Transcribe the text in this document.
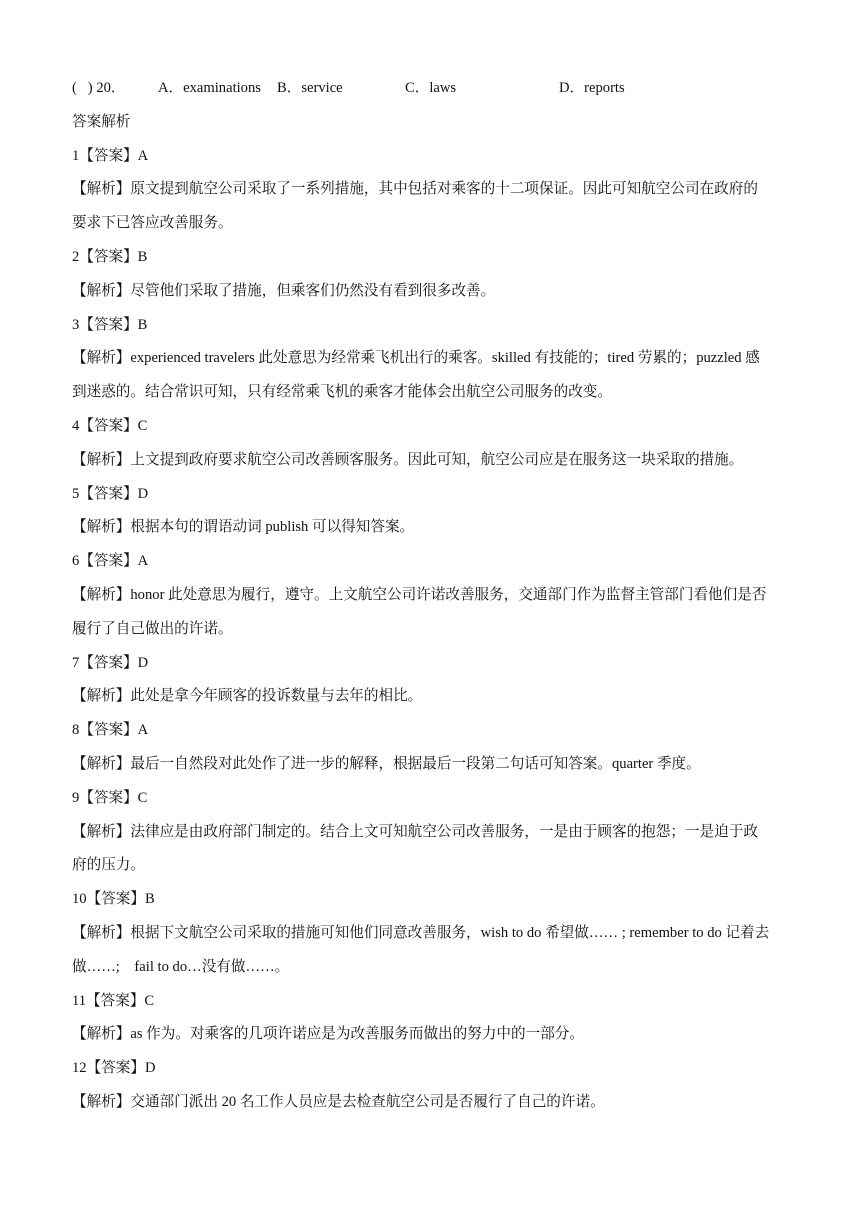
(   ) 20． A．examinations B．service	C．laws	D．reports
答案解析
1【答案】A
【解析】原文提到航空公司采取了一系列措施，其中包括对乘客的十二项保证。因此可知航空公司在政府的
要求下已答应改善服务。
2【答案】B
【解析】尽管他们采取了措施，但乘客们仍然没有看到很多改善。
3【答案】B
【解析】experienced travelers 此处意思为经常乘飞机出行的乘客。skilled 有技能的；tired 劳累的；puzzled 感
到迷惑的。结合常识可知，只有经常乘飞机的乘客才能体会出航空公司服务的改变。
4【答案】C
【解析】上文提到政府要求航空公司改善顾客服务。因此可知，航空公司应是在服务这一块采取的措施。
5【答案】D
【解析】根据本句的谓语动词 publish 可以得知答案。
6【答案】A
【解析】honor 此处意思为履行，遵守。上文航空公司许诺改善服务，交通部门作为监督主管部门看他们是否
履行了自己做出的许诺。
7【答案】D
【解析】此处是拿今年顾客的投诉数量与去年的相比。
8【答案】A
【解析】最后一自然段对此处作了进一步的解释，根据最后一段第二句话可知答案。quarter 季度。
9【答案】C
【解析】法律应是由政府部门制定的。结合上文可知航空公司改善服务，一是由于顾客的抱怨；一是迫于政
府的压力。
10【答案】B
【解析】根据下文航空公司采取的措施可知他们同意改善服务，wish to do 希望做…… ; remember to do 记着去
做……;    fail to do…没有做……。
11【答案】C
【解析】as 作为。对乘客的几项许诺应是为改善服务而做出的努力中的一部分。
12【答案】D
【解析】交通部门派出 20 名工作人员应是去检查航空公司是否履行了自己的许诺。
